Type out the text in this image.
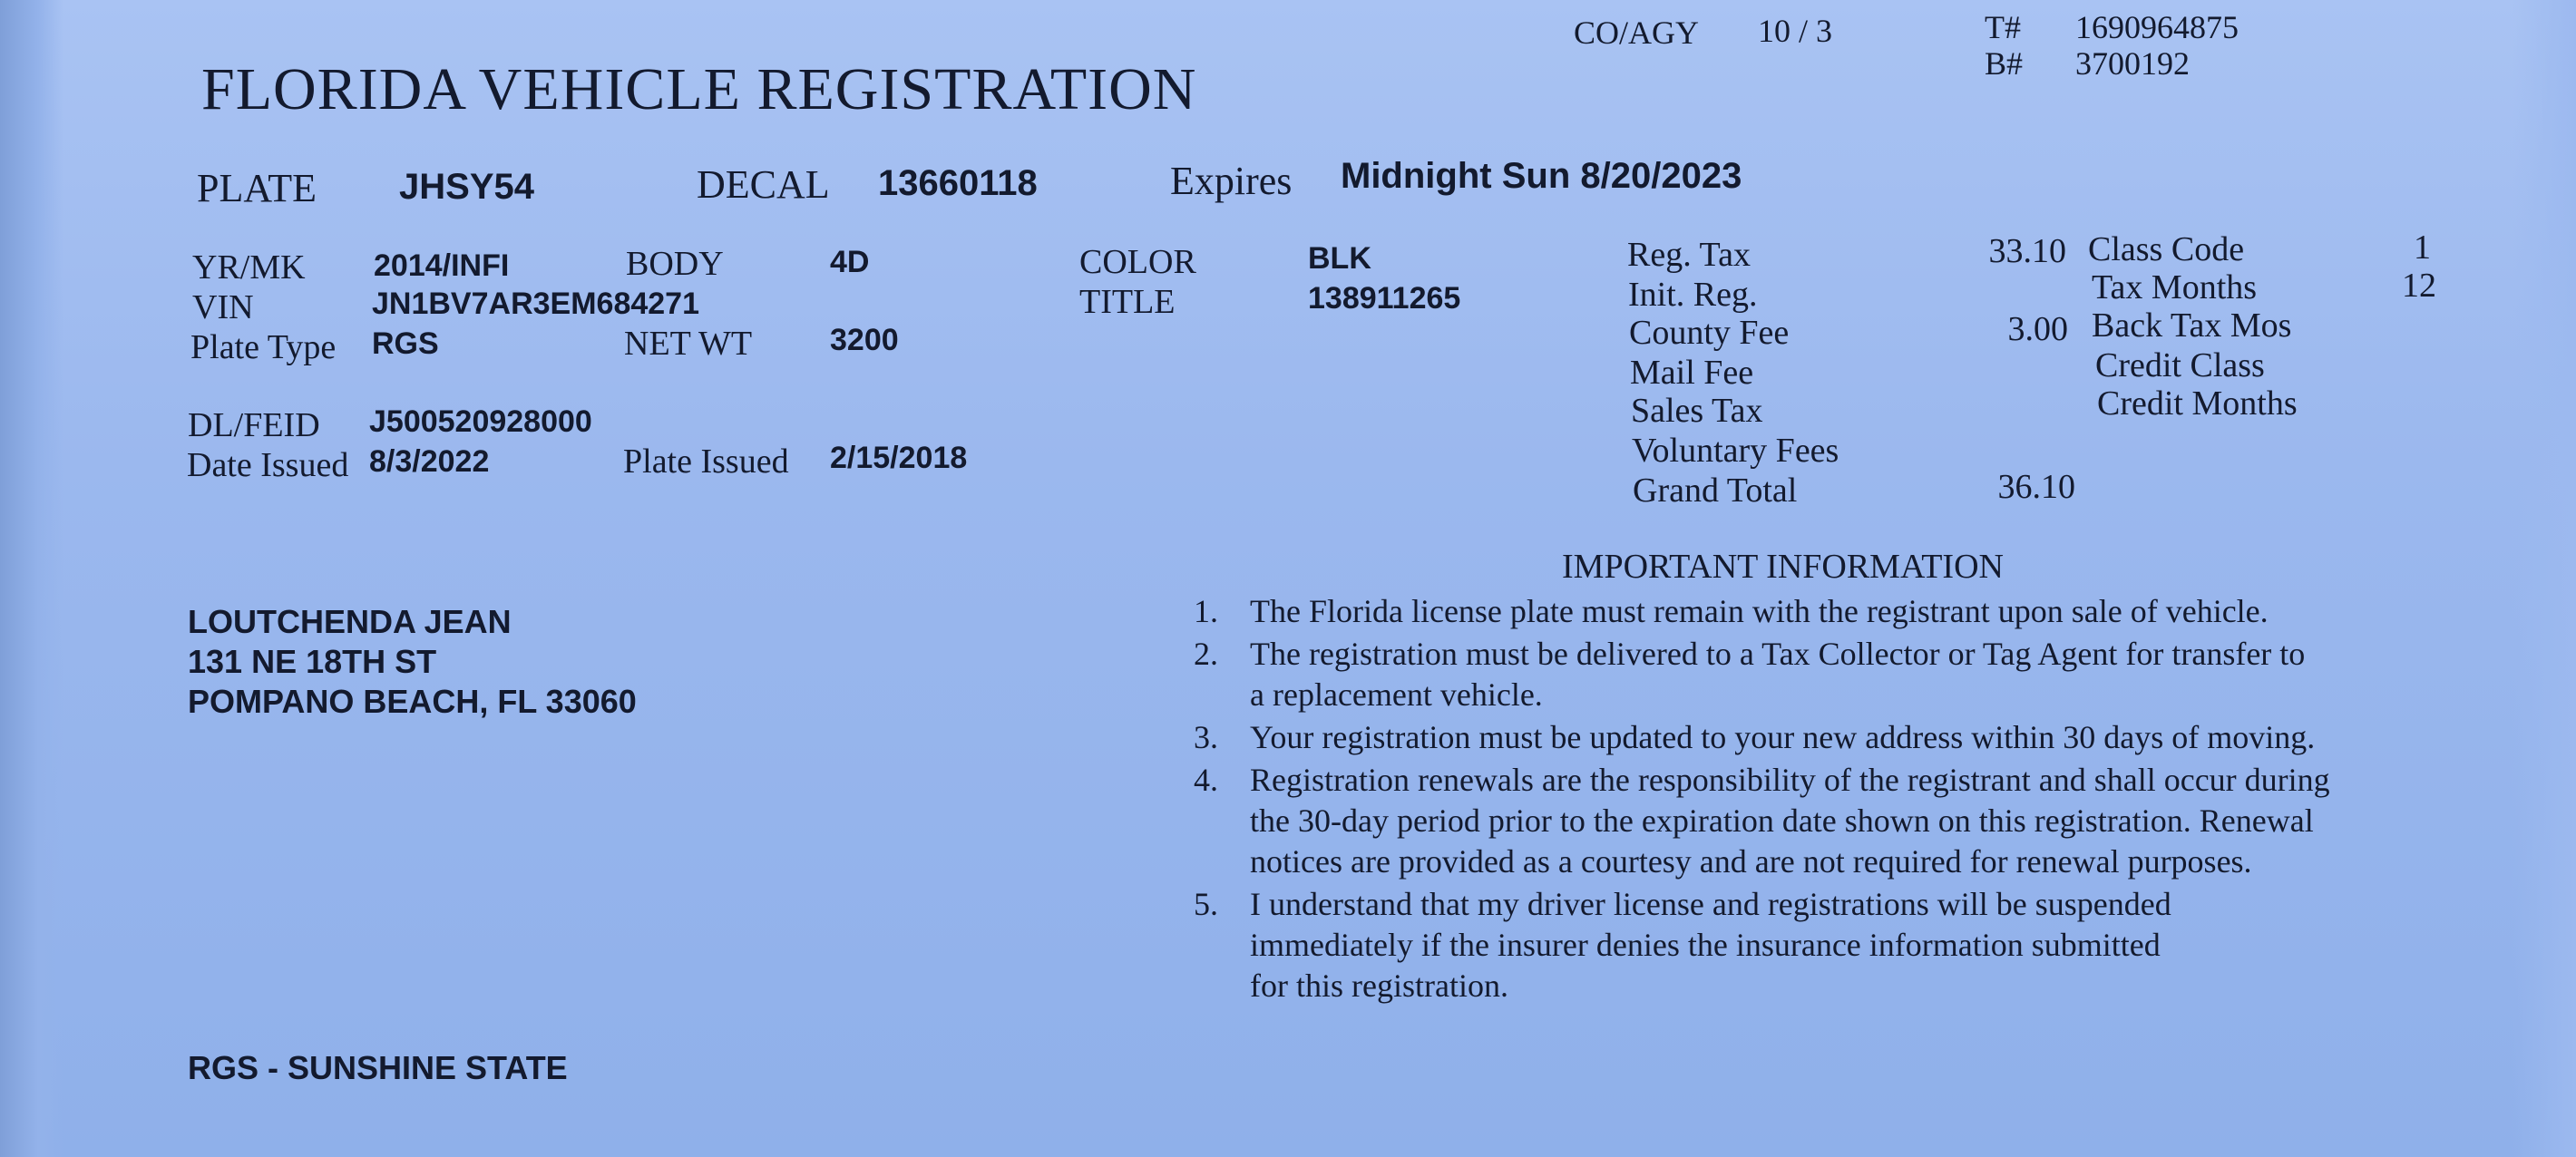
CO/AGY 10 / 3	T# 1690964875
B# 3700192
FLORIDA VEHICLE REGISTRATION
PLATE JHSY54	DECAL 13660118	Expires Midnight Sun 8/20/2023
YR/MK 2014/INFI	BODY	4D	COLOR	BLK
VIN	JN1BV7AR3EM684271	TITLE	138911265
Plate Type RGS	NET WT	3200
DL/FEID J500520928000
Date Issued 8/3/2022	Plate Issued 2/15/2018
Reg. Tax	33.10
Init. Reg.
County Fee	3.00
Mail Fee
Sales Tax
Voluntary Fees
Grand Total	36.10
Class Code	1
Tax Months	12
Back Tax Mos
Credit Class
Credit Months
LOUTCHENDA JEAN
131 NE 18TH ST
POMPANO BEACH, FL 33060
IMPORTANT INFORMATION
1. The Florida license plate must remain with the registrant upon sale of vehicle.
2. The registration must be delivered to a Tax Collector or Tag Agent for transfer to
a replacement vehicle.
3. Your registration must be updated to your new address within 30 days of moving.
4. Registration renewals are the responsibility of the registrant and shall occur during
the 30-day period prior to the expiration date shown on this registration. Renewal
notices are provided as a courtesy and are not required for renewal purposes.
5. I understand that my driver license and registrations will be suspended
immediately if the insurer denies the insurance information submitted
for this registration.
RGS - SUNSHINE STATE
